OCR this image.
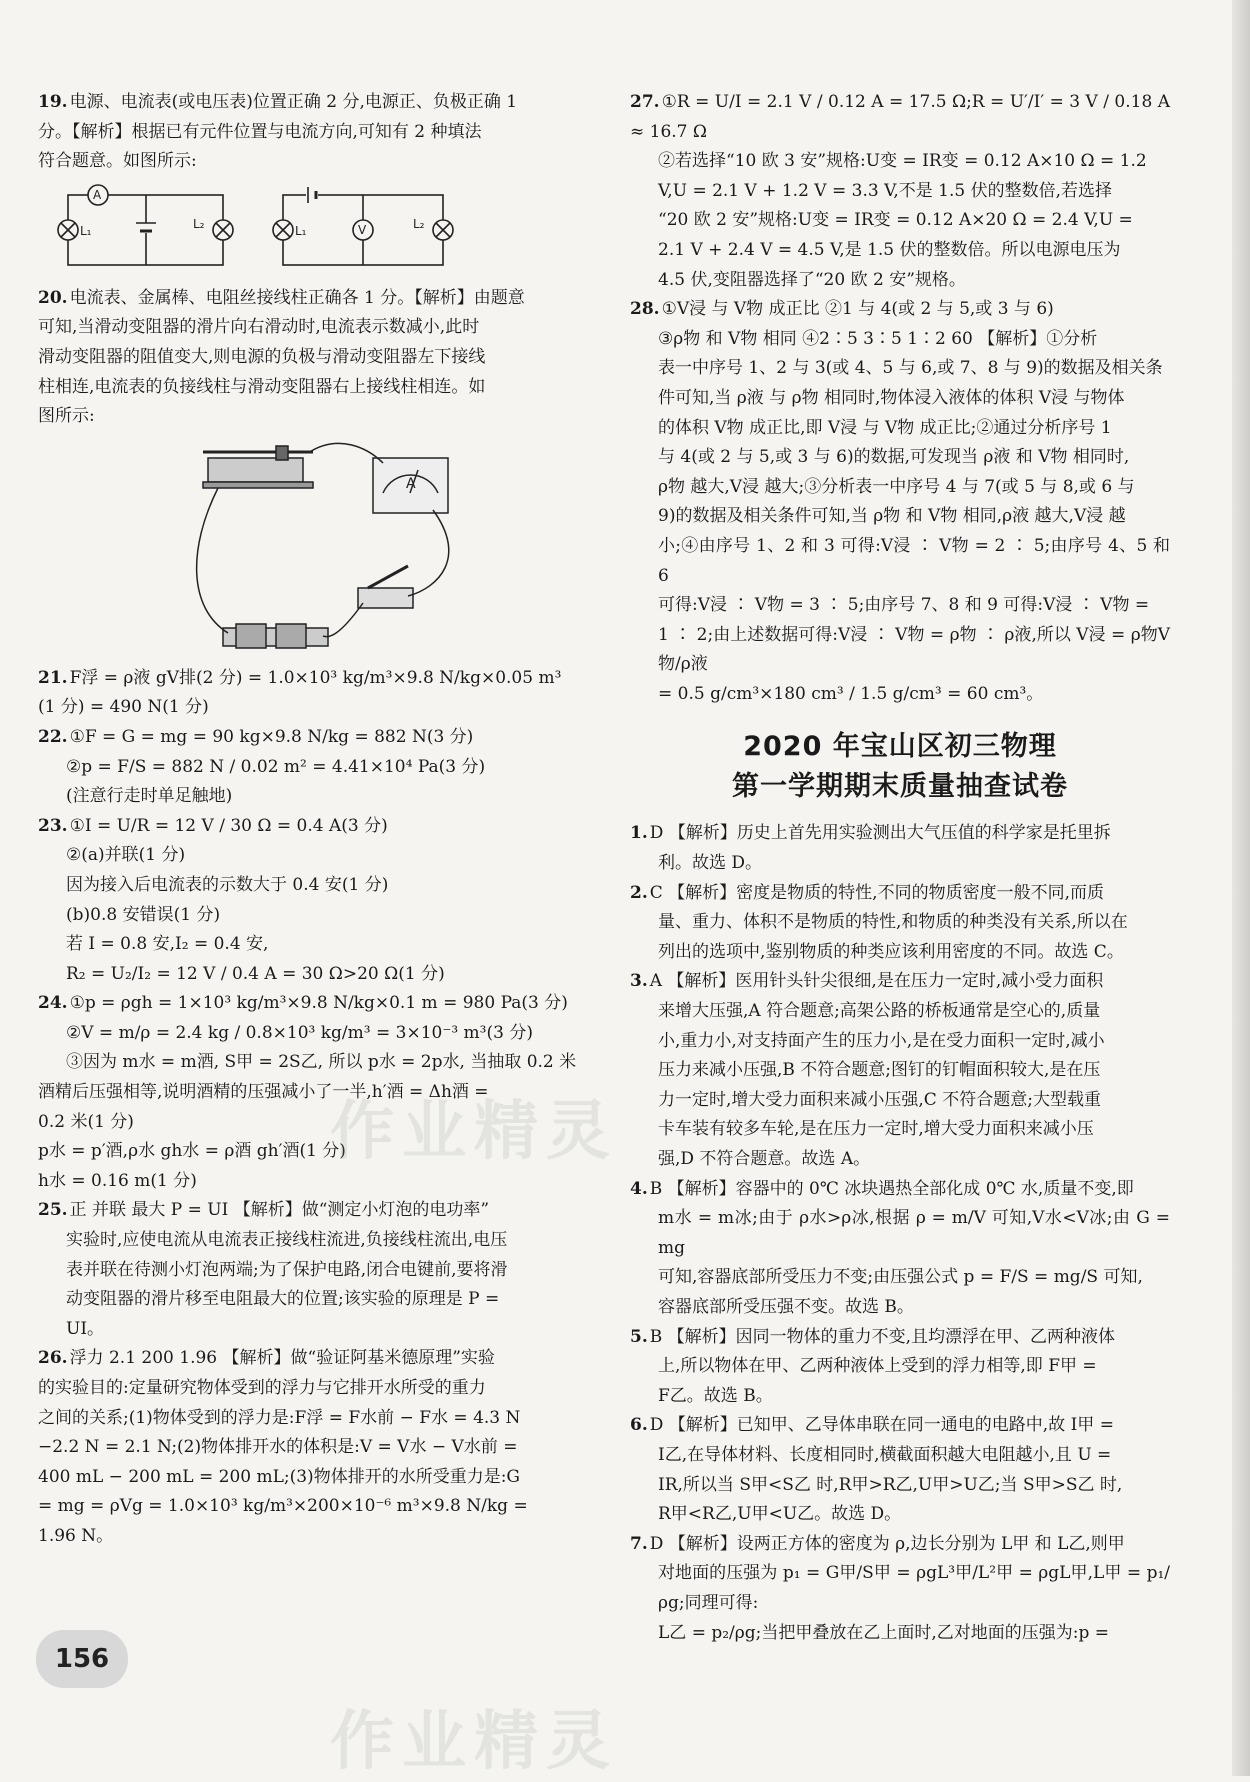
19. 电源、电流表(或电压表)位置正确 2 分,电源正、负极正确 1
分。【解析】根据已有元件位置与电流方向,可知有 2 种填法
符合题意。如图所示:
A
L₁	L₂	V
L₁	L₂
20. 电流表、金属棒、电阻丝接线柱正确各 1 分。【解析】由题意
可知,当滑动变阻器的滑片向右滑动时,电流表示数减小,此时
滑动变阻器的阻值变大,则电源的负极与滑动变阻器左下接线
柱相连,电流表的负接线柱与滑动变阻器右上接线柱相连。如
图所示:
A
21. F浮 = ρ液 gV排(2 分) = 1.0×10³ kg/m³×9.8 N/kg×0.05 m³
(1 分) = 490 N(1 分)
22. ①F = G = mg = 90 kg×9.8 N/kg = 882 N(3 分)
②p = F/S = 882 N / 0.02 m² = 4.41×10⁴ Pa(3 分)
(注意行走时单足触地)
23. ①I = U/R = 12 V / 30 Ω = 0.4 A(3 分)
②(a)并联(1 分)
因为接入后电流表的示数大于 0.4 安(1 分)
(b)0.8 安错误(1 分)
若 I = 0.8 安,I₂ = 0.4 安,
R₂ = U₂/I₂ = 12 V / 0.4 A = 30 Ω>20 Ω(1 分)
24. ①p = ρgh = 1×10³ kg/m³×9.8 N/kg×0.1 m = 980 Pa(3 分)
②V = m/ρ = 2.4 kg / 0.8×10³ kg/m³ = 3×10⁻³ m³(3 分)
③因为 m水 = m酒, S甲 = 2S乙, 所以 p水 = 2p水, 当抽取 0.2 米
酒精后压强相等,说明酒精的压强减小了一半,h′酒 = Δh酒 =
0.2 米(1 分)
p水 = p′酒,ρ水 gh水 = ρ酒 gh′酒(1 分)
h水 = 0.16 m(1 分)
25. 正 并联 最大 P = UI 【解析】做“测定小灯泡的电功率”
实验时,应使电流从电流表正接线柱流进,负接线柱流出,电压
表并联在待测小灯泡两端;为了保护电路,闭合电键前,要将滑
动变阻器的滑片移至电阻最大的位置;该实验的原理是 P =
UI。
26. 浮力 2.1 200 1.96 【解析】做“验证阿基米德原理”实验
的实验目的:定量研究物体受到的浮力与它排开水所受的重力
之间的关系;(1)物体受到的浮力是:F浮 = F水前 − F水 = 4.3 N
−2.2 N = 2.1 N;(2)物体排开水的体积是:V = V水 − V水前 =
400 mL − 200 mL = 200 mL;(3)物体排开的水所受重力是:G
= mg = ρVg = 1.0×10³ kg/m³×200×10⁻⁶ m³×9.8 N/kg =
1.96 N。
27. ①R = U/I = 2.1 V / 0.12 A = 17.5 Ω;R = U′/I′ = 3 V / 0.18 A ≈ 16.7 Ω
②若选择“10 欧 3 安”规格:U变 = IR变 = 0.12 A×10 Ω = 1.2
V,U = 2.1 V + 1.2 V = 3.3 V,不是 1.5 伏的整数倍,若选择
“20 欧 2 安”规格:U变 = IR变 = 0.12 A×20 Ω = 2.4 V,U =
2.1 V + 2.4 V = 4.5 V,是 1.5 伏的整数倍。所以电源电压为
4.5 伏,变阻器选择了“20 欧 2 安”规格。
28. ①V浸 与 V物 成正比 ②1 与 4(或 2 与 5,或 3 与 6)
③ρ物 和 V物 相同 ④2∶5 3∶5 1∶2 60 【解析】①分析
表一中序号 1、2 与 3(或 4、5 与 6,或 7、8 与 9)的数据及相关条
件可知,当 ρ液 与 ρ物 相同时,物体浸入液体的体积 V浸 与物体
的体积 V物 成正比,即 V浸 与 V物 成正比;②通过分析序号 1
与 4(或 2 与 5,或 3 与 6)的数据,可发现当 ρ液 和 V物 相同时,
ρ物 越大,V浸 越大;③分析表一中序号 4 与 7(或 5 与 8,或 6 与
9)的数据及相关条件可知,当 ρ物 和 V物 相同,ρ液 越大,V浸 越
小;④由序号 1、2 和 3 可得:V浸 ∶ V物 = 2 ∶ 5;由序号 4、5 和 6
可得:V浸 ∶ V物 = 3 ∶ 5;由序号 7、8 和 9 可得:V浸 ∶ V物 =
1 ∶ 2;由上述数据可得:V浸 ∶ V物 = ρ物 ∶ ρ液,所以 V浸 = ρ物V物/ρ液
= 0.5 g/cm³×180 cm³ / 1.5 g/cm³ = 60 cm³。
2020 年宝山区初三物理
第一学期期末质量抽查试卷
1. D 【解析】历史上首先用实验测出大气压值的科学家是托里拆
利。故选 D。
2. C 【解析】密度是物质的特性,不同的物质密度一般不同,而质
量、重力、体积不是物质的特性,和物质的种类没有关系,所以在
列出的选项中,鉴别物质的种类应该利用密度的不同。故选 C。
3. A 【解析】医用针头针尖很细,是在压力一定时,减小受力面积
来增大压强,A 符合题意;高架公路的桥板通常是空心的,质量
小,重力小,对支持面产生的压力小,是在受力面积一定时,减小
压力来减小压强,B 不符合题意;图钉的钉帽面积较大,是在压
力一定时,增大受力面积来减小压强,C 不符合题意;大型载重
卡车装有较多车轮,是在压力一定时,增大受力面积来减小压
强,D 不符合题意。故选 A。
4. B 【解析】容器中的 0℃ 冰块遇热全部化成 0℃ 水,质量不变,即
m水 = m冰;由于 ρ水>ρ冰,根据 ρ = m/V 可知,V水<V冰;由 G = mg
可知,容器底部所受压力不变;由压强公式 p = F/S = mg/S 可知,
容器底部所受压强不变。故选 B。
5. B 【解析】因同一物体的重力不变,且均漂浮在甲、乙两种液体
上,所以物体在甲、乙两种液体上受到的浮力相等,即 F甲 =
F乙。故选 B。
6. D 【解析】已知甲、乙导体串联在同一通电的电路中,故 I甲 =
I乙,在导体材料、长度相同时,横截面积越大电阻越小,且 U =
IR,所以当 S甲<S乙 时,R甲>R乙,U甲>U乙;当 S甲>S乙 时,
R甲<R乙,U甲<U乙。故选 D。
7. D 【解析】设两正方体的密度为 ρ,边长分别为 L甲 和 L乙,则甲
对地面的压强为 p₁ = G甲/S甲 = ρgL³甲/L²甲 = ρgL甲,L甲 = p₁/ρg;同理可得:
L乙 = p₂/ρg;当把甲叠放在乙上面时,乙对地面的压强为:p =
作业精灵
作业精灵
156
